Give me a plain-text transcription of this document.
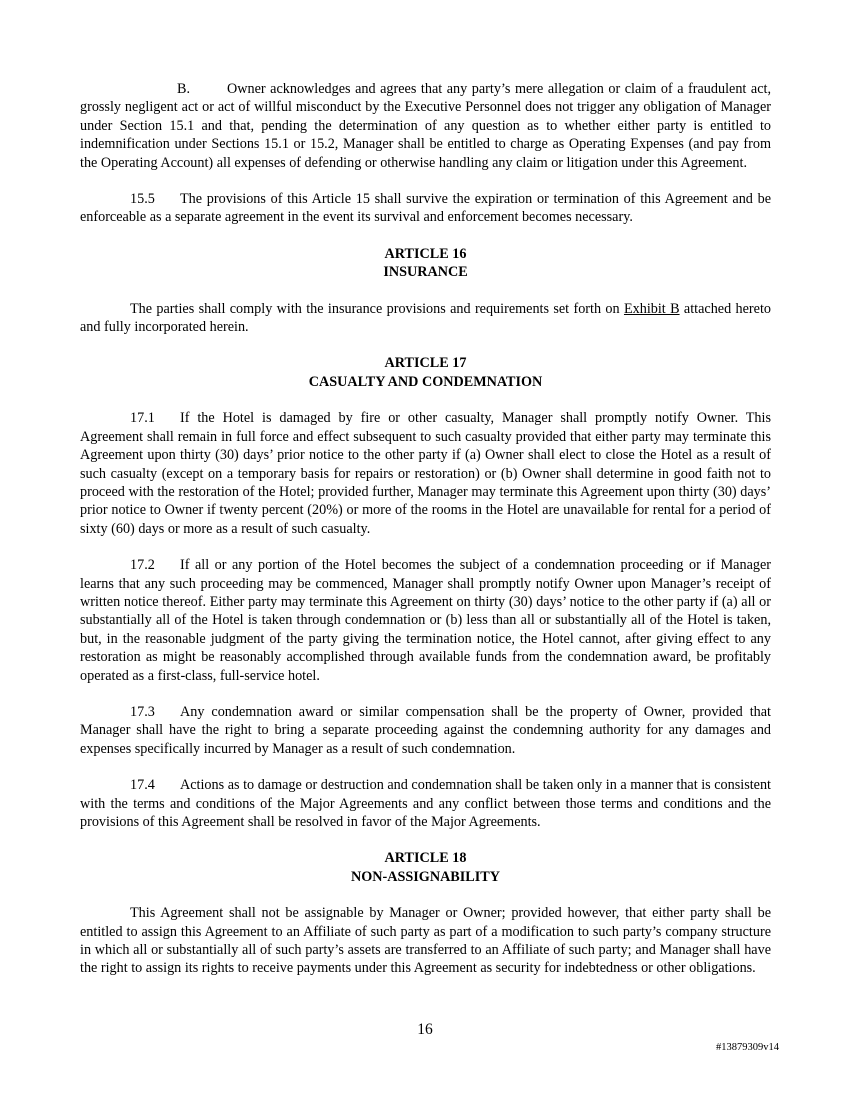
B.	Owner acknowledges and agrees that any party’s mere allegation or claim of a fraudulent act, grossly negligent act or act of willful misconduct by the Executive Personnel does not trigger any obligation of Manager under Section 15.1 and that, pending the determination of any question as to whether either party is entitled to indemnification under Sections 15.1 or 15.2, Manager shall be entitled to charge as Operating Expenses (and pay from the Operating Account) all expenses of defending or otherwise handling any claim or litigation under this Agreement.

15.5 The provisions of this Article 15 shall survive the expiration or termination of this Agreement and be enforceable as a separate agreement in the event its survival and enforcement becomes necessary.

ARTICLE 16
INSURANCE

The parties shall comply with the insurance provisions and requirements set forth on Exhibit B attached hereto and fully incorporated herein.

ARTICLE 17
CASUALTY AND CONDEMNATION

17.1 If the Hotel is damaged by fire or other casualty, Manager shall promptly notify Owner. This Agreement shall remain in full force and effect subsequent to such casualty provided that either party may terminate this Agreement upon thirty (30) days’ prior notice to the other party if (a) Owner shall elect to close the Hotel as a result of such casualty (except on a temporary basis for repairs or restoration) or (b) Owner shall determine in good faith not to proceed with the restoration of the Hotel; provided further, Manager may terminate this Agreement upon thirty (30) days’ prior notice to Owner if twenty percent (20%) or more of the rooms in the Hotel are unavailable for rental for a period of sixty (60) days or more as a result of such casualty.

17.2 If all or any portion of the Hotel becomes the subject of a condemnation proceeding or if Manager learns that any such proceeding may be commenced, Manager shall promptly notify Owner upon Manager’s receipt of written notice thereof. Either party may terminate this Agreement on thirty (30) days’ notice to the other party if (a) all or substantially all of the Hotel is taken through condemnation or (b) less than all or substantially all of the Hotel is taken, but, in the reasonable judgment of the party giving the termination notice, the Hotel cannot, after giving effect to any restoration as might be reasonably accomplished through available funds from the condemnation award, be profitably operated as a first-class, full-service hotel.

17.3 Any condemnation award or similar compensation shall be the property of Owner, provided that Manager shall have the right to bring a separate proceeding against the condemning authority for any damages and expenses specifically incurred by Manager as a result of such condemnation.

17.4 Actions as to damage or destruction and condemnation shall be taken only in a manner that is consistent with the terms and conditions of the Major Agreements and any conflict between those terms and conditions and the provisions of this Agreement shall be resolved in favor of the Major Agreements.

ARTICLE 18
NON-ASSIGNABILITY

This Agreement shall not be assignable by Manager or Owner; provided however, that either party shall be entitled to assign this Agreement to an Affiliate of such party as part of a modification to such party’s company structure in which all or substantially all of such party’s assets are transferred to an Affiliate of such party; and Manager shall have the right to assign its rights to receive payments under this Agreement as security for indebtedness or other obligations.

16
#13879309v14
